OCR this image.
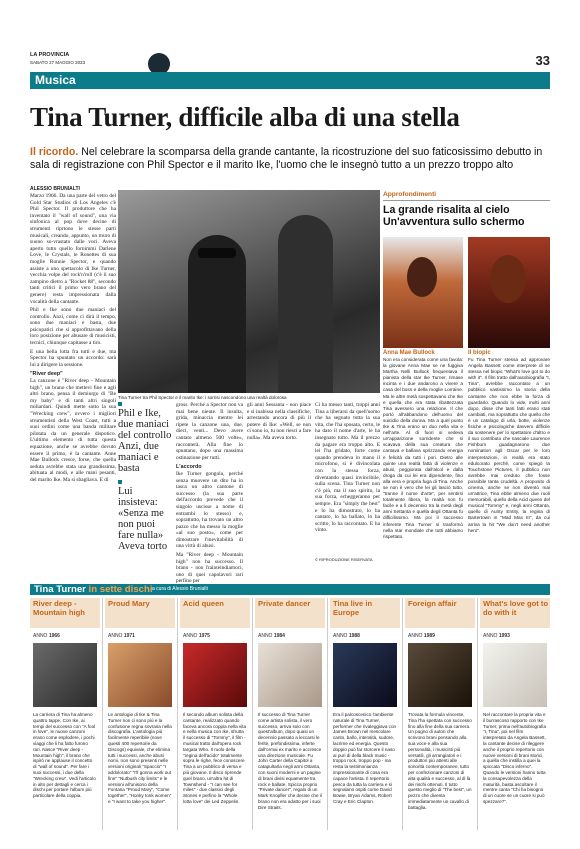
LA PROVINCIA
SABATO 27 MAGGIO 2023	33
Musica
Tina Turner, difficile alba di una stella
Il ricordo. Nel celebrare la scomparsa della grande cantante, la ricostruzione del suo faticosissimo debutto in sala di registrazione con Phil Spector e il marito Ike, l'uomo che le insegnò tutto a un prezzo troppo alto
ALESSIO BRUNIALTI

Marzo 1966. Da una parte del vetro del Gold Star Studios di Los Angeles c'è Phil Spector. Il produttore che ha inventato il "wall of sound", una via sinfonica al pop dove decine di strumenti riprtono le stesse parti musicali, creando, appunto, un muro di suono so-vrastato dalle voci. Aveva aperto tutto quello fornimmi Darlene Love, le Crystals, le Ronettes di sua moglie Ronnie Spector, e quando assiste a uno spettacolo di Ike Turner, vecchia volpe del rock'n'roll (c'è il suo zampino dietro a "Rocket 88", secondo tanti critici il primo vero brano del genere) resta impressionata dalla vocalità della cantante.

Phil e Ike sono due maniaci del controllo. Anzi, come ci dirà il tempo, sono due maniaci e basta, due psicopatici che si approfittavano della loro posizione per abusare di musicisti, tecnici, chiunque capitasse a tiro.

E una bella lotta fra tutti e due, ma Spector ha spuntato un accordo: sarà lui a dirigere la sessione.

"River deep"

La canzone è "River deep - Mountain high", un brano che mettevi fine e agli altri brano, pensa il demiurgo di "Be my baby" e di tanti altri singoli miliardari. Quindi mette sotto la sua "Wrecking crew", ovvero i migliori strumentisti della West Coast, tutti a suoi ordini come una banda militare pilotata da un generale dispotico. L'ultimo elemento di tutta questa equazione, anche se avrebbe dovuto essere il primo, è la cantante. Anne Mae Bullock cresce, forse, che quella seduta avrebbe stata una grandissima, abituata al modi, e alle mani pesanti, del marito Ike. Ma si sbagliava. E di

Tina Turner tra Phil Spector e il marito Ike: i sorrisi nascondono una realtà dolorosa
Phil e Ike, due maniaci del controllo Anzi, due maniaci e basta
Lui insisteva: «Senza me non puoi fare nulla» Aveva torto

gross. Perché a Spector non va mai bene niente. Il insulta, grida, minaccia mentre lei ripete la canzone una, due, dieci, venti... Devo avere cantato almeno 500 volte», racconterà. Alla fine lo spuntano, dopo una massima ostinazione per tutti.

L'accordo

Ike Turner gongola, perché senza muovere un dito ha in tasca un altro cantone di successo (la sua parte dell'accordo prevede che il singolo uscisse a nome di entrambi lo stesso) e, soprattutto, ha trovato un altro pazzo che ha messo la moglie «al suo posto», come per dimostrare l'inevitabilità di una virtù di abusi.

Ma "River deep - Mountain high" non ha successo. Il brano - non frainteindiamoci, uno di quei capolavori rari perfino per

gli anni Sessanta - non piace e si inabissa nella classifiche, arrestando ancora di più il potere di Ike: «Well, se non ci sono io, tu non riesci a fare nulla». Ma aveva torto.

Ci ha messo tanti, troppi anni Tina a liberarsi da quell'uomo che ha segnato tutta la sua vita, che l'ha sposata, certo, le ha dato il nome d'arte, le ha insegnato tutto. Ma il prezzo da pagare era troppo alto. E lei l'ha gridato, forte come quando prendeva in mano il microfono, si è divincolata con la stessa forza, diventando quasi invincibile, sulla scena. Tina Turner non c'è più, ma il suo spirito, la sua forza, echeggeranno per sempre. Era "simply the best" e lo ha dimostrato, lo ha cantato, lo ha ballato, lo ha scritto, lo ha raccontato. E ha vinto.

© RIPRODUZIONE RISERVATA
Approfondimenti
La grande risalita al cielo Un'avventura sullo schermo
Anna Mae Bullock	Il biopic
Non era considerata come una favola: la giovane Anna Mae se ne fuggiva Martha Nelli Bullock frequentava il pianista della star Ike Turner, rimase incinta e i due andarono a vivere a casa del boss e della moglie Lorraine. Ma le altre metà sospettavano che Ike e quella che era stata ribattezzata Tina avessero una relazione. Il che portò all'abbandono dell'uomo del suicidio della donna. Ma a quel punto Ike & Tina erano un duo nella vita e nell'arte. Al di fuori si vedeva un'apparizione sorridente che si scavava della sua creatura che cantava e ballava sprizzando energia e felicità da tutti i pori. Dietro alle quinte una realtà fatta di violenze e abusi, peggiorata dall'alcol e dalla droga da cui lei era dipendente, fino alla vera e propria fuga di Tina. Anche se non è vero che lei gli lasciò tutto, "tranne il nome d'arte", per sentirsi totalmente libera, la realtà non fu facile e a lì decennio tra la metà degli anni Settanta e quella degli Ottanta fu difficilissimo. Ma poi il successo inferente Tina Turner si trasformò nella star mondiale che tutti abbiamo rispettato.
Fu Tina Turner stessa ad approvare Angela Bassett come interprete di se stessa nel biopic "What's love got to do with it". Il film tratto dall'autobiografia "I, Tina", avrebbe raccontato a un pubblico vastissimo la storia della cantante che non ebbe la forza di guardarlo. Quando lo vide, molti anni dopo, disse che tanti fatti erano stati cambiati, ma soprattutto che quello che è un catalogo di urla, botte, violenze fisiche e psicologiche davvero difficile da sostenere per lo spettatore d'altro e il suo contributo che nasciale Laurence Fishburn guadagnarono due nomination agli Oscar per le loro interpretazioni, in realtà era stato edulcorato perché, come spiegò la Touchstone Pictures, il pubblico non avrebbe mai creduto che fosse possibile tanta crudeltà. A proposito di cinema, anche se non diventò mai un'attrice, Tina ebbe almeno due ruoli memorabili, quello della Acid queen del musical "Tommy" e, negli anni Ottanta, quello di Aunty Entity, la regina di Bartertown in "Mad Max III", da cui arriva la hit "We don't need another hero".
Tina Turner in sette dischi a cura di Alessio Brunialti
River deep - Mountain high
ANNO 1966
La carriera di Tina ha almeno quattro tappe. Con Ike, ai tempi del successo con "A fool in love", le nuove canzoni erano come esplodere, i pochi viaggi che li ha fatto furono rari. Nasce "River deep - Mountain high", il brano che ispirò ne applause il concetto di "wall of sound". Per fare i suoi successi, i due della "Wrecking crew". Vedi l'articolo in alto per dettagli e cerca i dischi per portare l'album più particolare della coppia.
Proud Mary
ANNO 1971
Le antologie di Ike & Tina Turner non ci sono più e la confusione regna sovrana nella discografia. L'antologia più facilmente reperibile (nove questi 400 repertorie da Discogs) equivale, che elimina tutti i successi, anche abusi nomi, non sono presenti nelle versioni originali "Spaccio" "I addolorato" "I'll gonna work out fine" "Nutbush city limits" e le versioni all'unisono della Fontana "Proud Mary", "Come together", "Honky tonk women" e "I want to take you higher".
Acid queen
ANNO 1975
Il secondo album solista della cantante, realizzato quando faceva ancora coppia nella vita e nella musica con Ike, sfrutta il successo di "Tommy", il film - musical tratto dall'opera rock targata Who. Il ruolo della "regina dell'acido" totalmente sopra le righe, fece conoscere Tina a un pubblico di versa e più giovane. Il disco riprende quel brano, un'altra hit di Townshend - "I can see for miles" - due classici degli Stones e perfino la "Whole lotta love" dei Led Zeppelin.
Private dancer
ANNO 1984
Il successo di Tina Turner come artista solista, il vero successo, arriva solo con quest'album, dopo quasi un decennio passato a leccarsi le ferite, prefondissima, inferte dall'ormai ex marito e accresce una direzione musicale. Fu John Carter della Capitol a catapultarla negli anni Ottanta, con suoni moderni e un pagine di brani divisi equamente tra rock e ballate. Spicca proprio "Private dancer", regalo di un Mark Knopfler che decise che il brano non era adatto per i suoi Dire Straits.
Tina live in Europe
ANNO 1988
Era il palcoscenico l'ambiente naturale di Tina Turner, performer che rivaleggiava con James Brown nel mescolare canto, ballo, intensità, sudore, lacrime ed energia. Questo doppio può far storcere il naso ai puri di della black music - troppo rock, troppo pop - ma resta la testimonianza impressionante di cosa era capace l'artista. Il repertorio pesca da tutta la carriera e si segnalano ospiti come David Bowie, Bryan Adams, Robert Cray e Eric Clapton.
Foreign affair
ANNO 1989
Trovata la formula vincente, Tina l'ha spettata con successo fino alla fine della sua carriera. Un pugno di autori che scrivono brani pensando alla sua voce e alla sua personalità, i musicisti più versatili, gli arrangiatori e i produttori più attenti alle sonorità contemporanee, tutto per confezionare canzoni di alta qualità e successo, al di là dei rischi ottenuti. Il tutto questo meglio di "The best", un pezzo che diventa immediatamente un cavallo di battaglia.
What's love got to do with it
ANNO 1993
Nel raccontare la propria vita e il burrascoso rapporto con Ike Turner, prima nell'autobiografia "I, Tina", poi nel film interpretato da Angela Bassett, la cantante decise di rileggere anche il proprio repertorio con nuove versioni di brani storici, a quella che instilla a quei la spiccata "Disco inferno". Quando le versioni hanno tutta la consapevolezza della maturità, basta ascoltare il mentre canta "Chi ha bisogno di un cuore se un cuore si può spezzare?".
